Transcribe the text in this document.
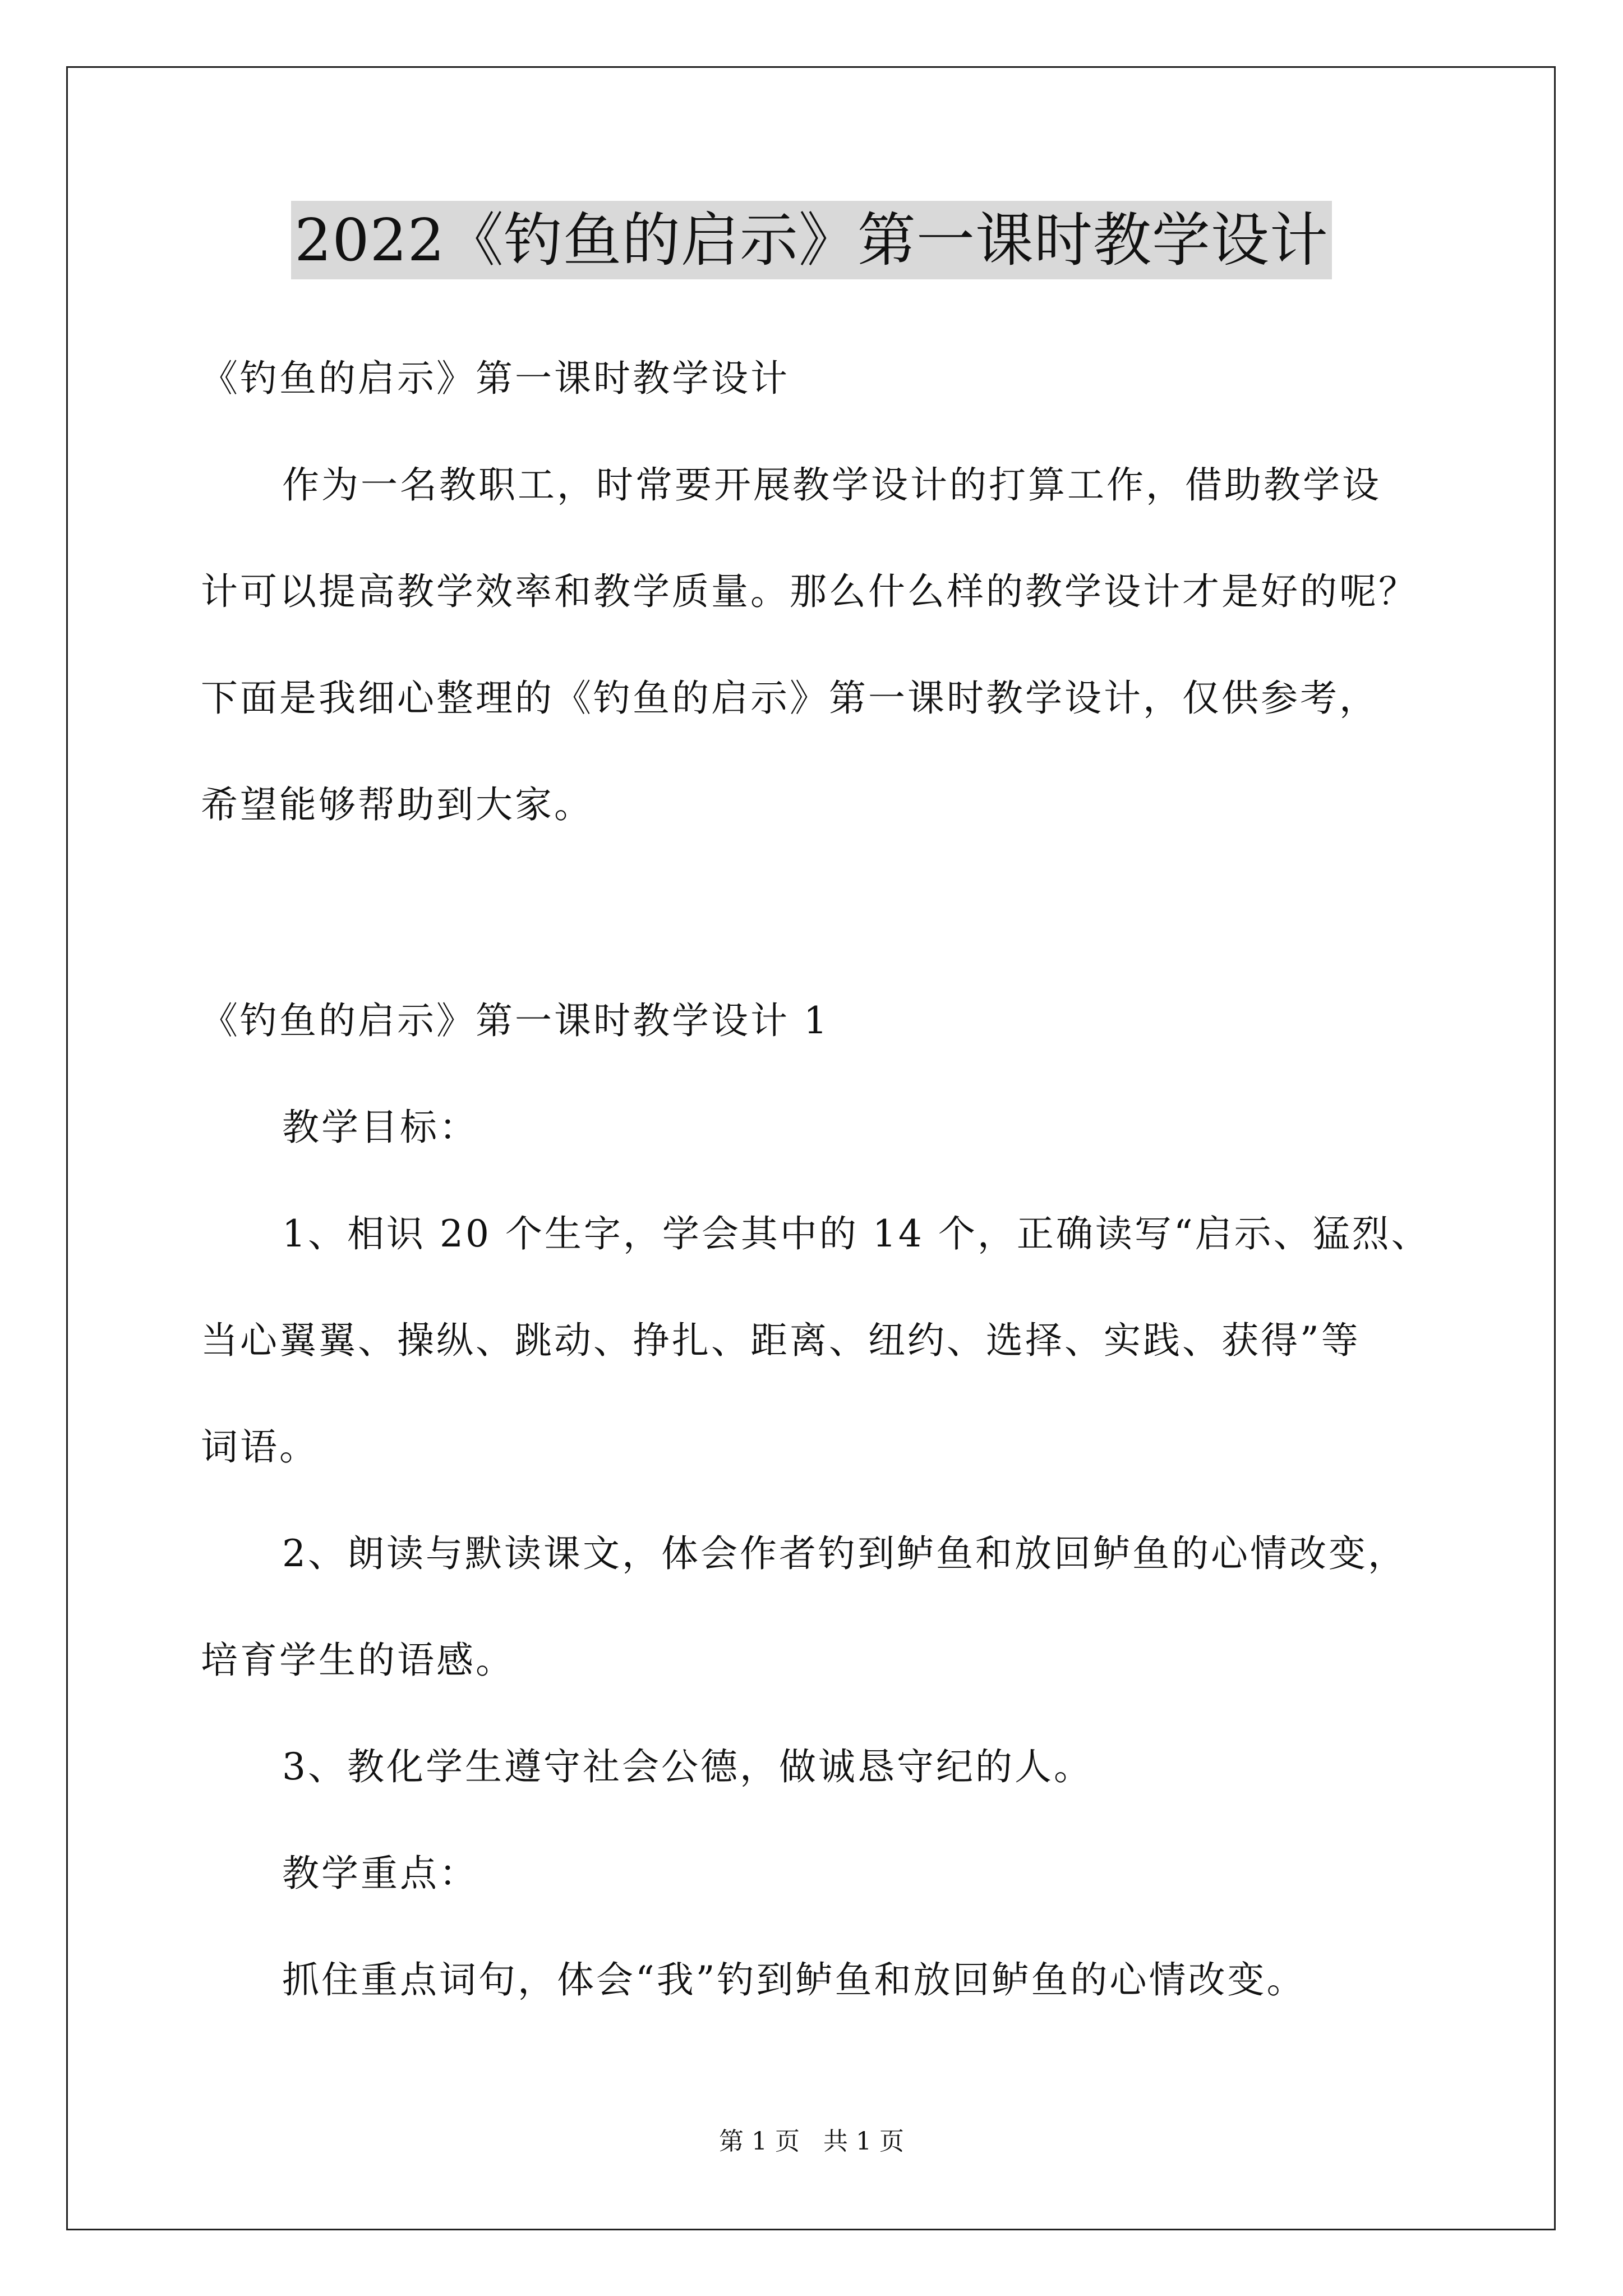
2022《钓鱼的启示》第一课时教学设计
《钓鱼的启示》第一课时教学设计
作为一名教职工，时常要开展教学设计的打算工作，借助教学设
计可以提高教学效率和教学质量。那么什么样的教学设计才是好的呢？
下面是我细心整理的《钓鱼的启示》第一课时教学设计，仅供参考，
希望能够帮助到大家。
《钓鱼的启示》第一课时教学设计 1
教学目标：
1、相识 20 个生字，学会其中的 14 个，正确读写“启示、猛烈、
当心翼翼、操纵、跳动、挣扎、距离、纽约、选择、实践、获得”等
词语。
2、朗读与默读课文，体会作者钓到鲈鱼和放回鲈鱼的心情改变，
培育学生的语感。
3、教化学生遵守社会公德，做诚恳守纪的人。
教学重点：
抓住重点词句，体会“我”钓到鲈鱼和放回鲈鱼的心情改变。
第 1 页   共 1 页
